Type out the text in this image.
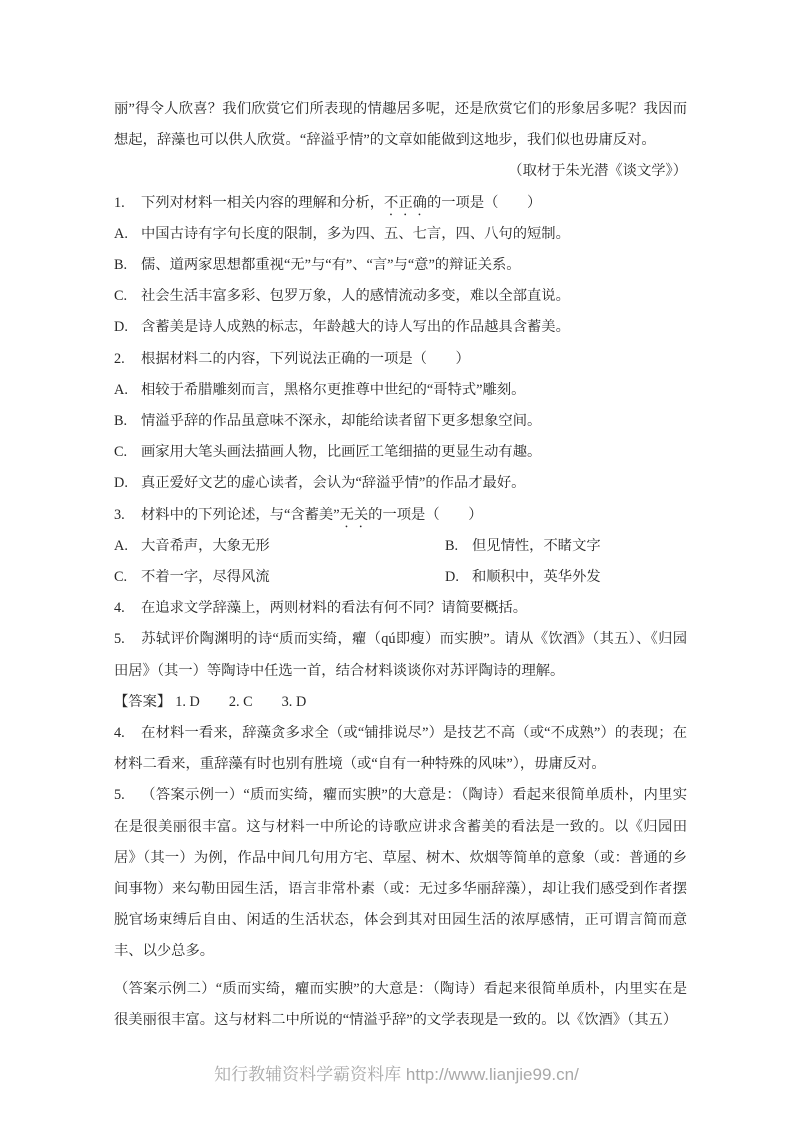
丽”得令人欣喜？我们欣赏它们所表现的情趣居多呢，还是欣赏它们的形象居多呢？我因而想起，辞藻也可以供人欣赏。“辞溢乎情”的文章如能做到这地步，我们似也毋庸反对。

（取材于朱光潜《谈文学》）

1. 下列对材料一相关内容的理解和分析，不正确的一项是（　　）

A. 中国古诗有字句长度的限制，多为四、五、七言，四、八句的短制。

B. 儒、道两家思想都重视“无”与“有”、“言”与“意”的辩证关系。

C. 社会生活丰富多彩、包罗万象，人的感情流动多变，难以全部直说。

D. 含蓄美是诗人成熟的标志，年龄越大的诗人写出的作品越具含蓄美。

2. 根据材料二的内容，下列说法正确的一项是（　　）

A. 相较于希腊雕刻而言，黑格尔更推尊中世纪的“哥特式”雕刻。

B. 情溢乎辞的作品虽意味不深永，却能给读者留下更多想象空间。

C. 画家用大笔头画法描画人物，比画匠工笔细描的更显生动有趣。

D. 真正爱好文艺的虚心读者，会认为“辞溢乎情”的作品才最好。

3. 材料中的下列论述，与“含蓄美”无关的一项是（　　）

A. 大音希声，大象无形	B. 但见情性，不睹文字

C. 不着一字，尽得风流	D. 和顺积中，英华外发

4. 在追求文学辞藻上，两则材料的看法有何不同？请简要概括。

5. 苏轼评价陶渊明的诗“质而实绮，癯（qú即瘦）而实腴”。请从《饮酒》（其五）、《归园田居》（其一）等陶诗中任选一首，结合材料谈谈你对苏评陶诗的理解。

【答案】 1. D 2. C 3. D

4. 在材料一看来，辞藻贪多求全（或“铺排说尽”）是技艺不高（或“不成熟”）的表现；在材料二看来，重辞藻有时也别有胜境（或“自有一种特殊的风味”），毋庸反对。

5. （答案示例一）“质而实绮，癯而实腴”的大意是：（陶诗）看起来很简单质朴，内里实在是很美丽很丰富。这与材料一中所论的诗歌应讲求含蓄美的看法是一致的。以《归园田居》（其一）为例，作品中间几句用方宅、草屋、树木、炊烟等简单的意象（或：普通的乡间事物）来勾勒田园生活，语言非常朴素（或：无过多华丽辞藻），却让我们感受到作者摆脱官场束缚后自由、闲适的生活状态，体会到其对田园生活的浓厚感情，正可谓言简而意丰、以少总多。

（答案示例二）“质而实绮，癯而实腴”的大意是：（陶诗）看起来很简单质朴，内里实在是很美丽很丰富。这与材料二中所说的“情溢乎辞”的文学表现是一致的。以《饮酒》（其五）

知行教辅资料学霸资料库 http://www.lianjie99.cn/
